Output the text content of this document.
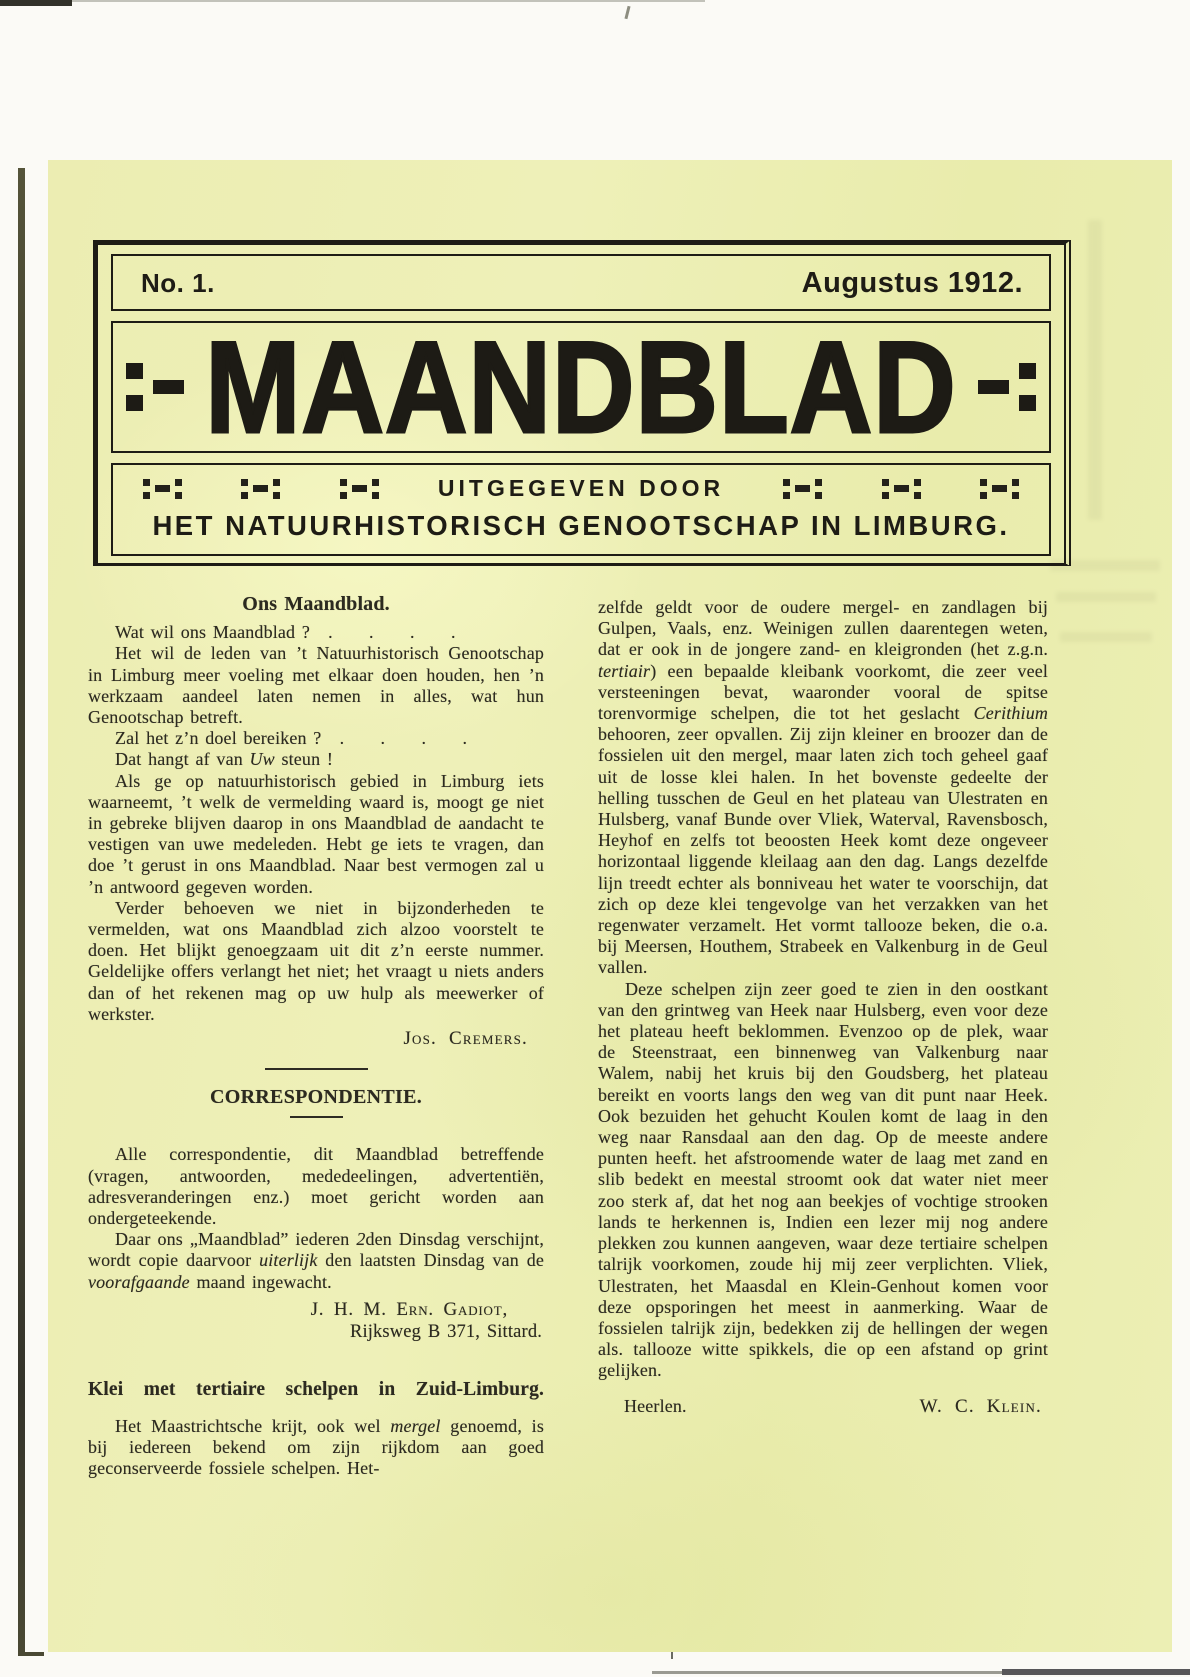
No. 1.	Augustus 1912.
MAANDBLAD
UITGEGEVEN DOOR
HET NATUURHISTORISCH GENOOTSCHAP IN LIMBURG.
Ons Maandblad.

Wat wil ons Maandblad ? .  .  .  .

Het wil de leden van ’t Natuurhistorisch Genootschap in Limburg meer voeling met elkaar doen houden, hen ’n werkzaam aandeel laten nemen in alles, wat hun Genootschap betreft.

Zal het z’n doel bereiken ? .  .  .  .

Dat hangt af van Uw steun !

Als ge op natuurhistorisch gebied in Limburg iets waarneemt, ’t welk de vermelding waard is, moogt ge niet in gebreke blijven daarop in ons Maandblad de aandacht te vestigen van uwe medeleden. Hebt ge iets te vragen, dan doe ’t gerust in ons Maandblad. Naar best vermogen zal u ’n antwoord gegeven worden.

Verder behoeven we niet in bijzonderheden te vermelden, wat ons Maandblad zich alzoo voorstelt te doen. Het blijkt genoegzaam uit dit z’n eerste nummer. Geldelijke offers verlangt het niet; het vraagt u niets anders dan of het rekenen mag op uw hulp als meewerker of werkster.

Jos. Cremers.
CORRESPONDENTIE.

Alle correspondentie, dit Maandblad betreffende (vragen, antwoorden, mededeelingen, advertentiën, adresveranderingen enz.) moet gericht worden aan ondergeteekende.

Daar ons „Maandblad” iederen 2den Dinsdag verschijnt, wordt copie daarvoor uiterlijk den laatsten Dinsdag van de voorafgaande maand ingewacht.

J. H. M. Ern. Gadiot,
Rijksweg B 371, Sittard.
Klei met tertiaire schelpen in Zuid-Limburg.

Het Maastrichtsche krijt, ook wel mergel genoemd, is bij iedereen bekend om zijn rijkdom aan goed geconserveerde fossiele schelpen. Het-

zelfde geldt voor de oudere mergel- en zandlagen bij Gulpen, Vaals, enz. Weinigen zullen daarentegen weten, dat er ook in de jongere zand- en kleigronden (het z.g.n. tertiair) een bepaalde kleibank voorkomt, die zeer veel versteeningen bevat, waaronder vooral de spitse torenvormige schelpen, die tot het geslacht Cerithium behooren, zeer opvallen. Zij zijn kleiner en broozer dan de fossielen uit den mergel, maar laten zich toch geheel gaaf uit de losse klei halen. In het bovenste gedeelte der helling tusschen de Geul en het plateau van Ulestraten en Hulsberg, vanaf Bunde over Vliek, Waterval, Ravensbosch, Heyhof en zelfs tot beoosten Heek komt deze ongeveer horizontaal liggende kleilaag aan den dag. Langs dezelfde lijn treedt echter als bonniveau het water te voorschijn, dat zich op deze klei tengevolge van het verzakken van het regenwater verzamelt. Het vormt tallooze beken, die o.a. bij Meersen, Houthem, Strabeek en Valkenburg in de Geul vallen.

Deze schelpen zijn zeer goed te zien in den oostkant van den grintweg van Heek naar Hulsberg, even voor deze het plateau heeft beklommen. Evenzoo op de plek, waar de Steenstraat, een binnenweg van Valkenburg naar Walem, nabij het kruis bij den Goudsberg, het plateau bereikt en voorts langs den weg van dit punt naar Heek. Ook bezuiden het gehucht Koulen komt de laag in den weg naar Ransdaal aan den dag. Op de meeste andere punten heeft. het afstroomende water de laag met zand en slib bedekt en meestal stroomt ook dat water niet meer zoo sterk af, dat het nog aan beekjes of vochtige strooken lands te herkennen is, Indien een lezer mij nog andere plekken zou kunnen aangeven, waar deze tertiaire schelpen talrijk voorkomen, zoude hij mij zeer verplichten. Vliek, Ulestraten, het Maasdal en Klein-Genhout komen voor deze opsporingen het meest in aanmerking. Waar de fossielen talrijk zijn, bedekken zij de hellingen der wegen als. tallooze witte spikkels, die op een afstand op grint gelijken.

Heerlen.	W. C. Klein.
